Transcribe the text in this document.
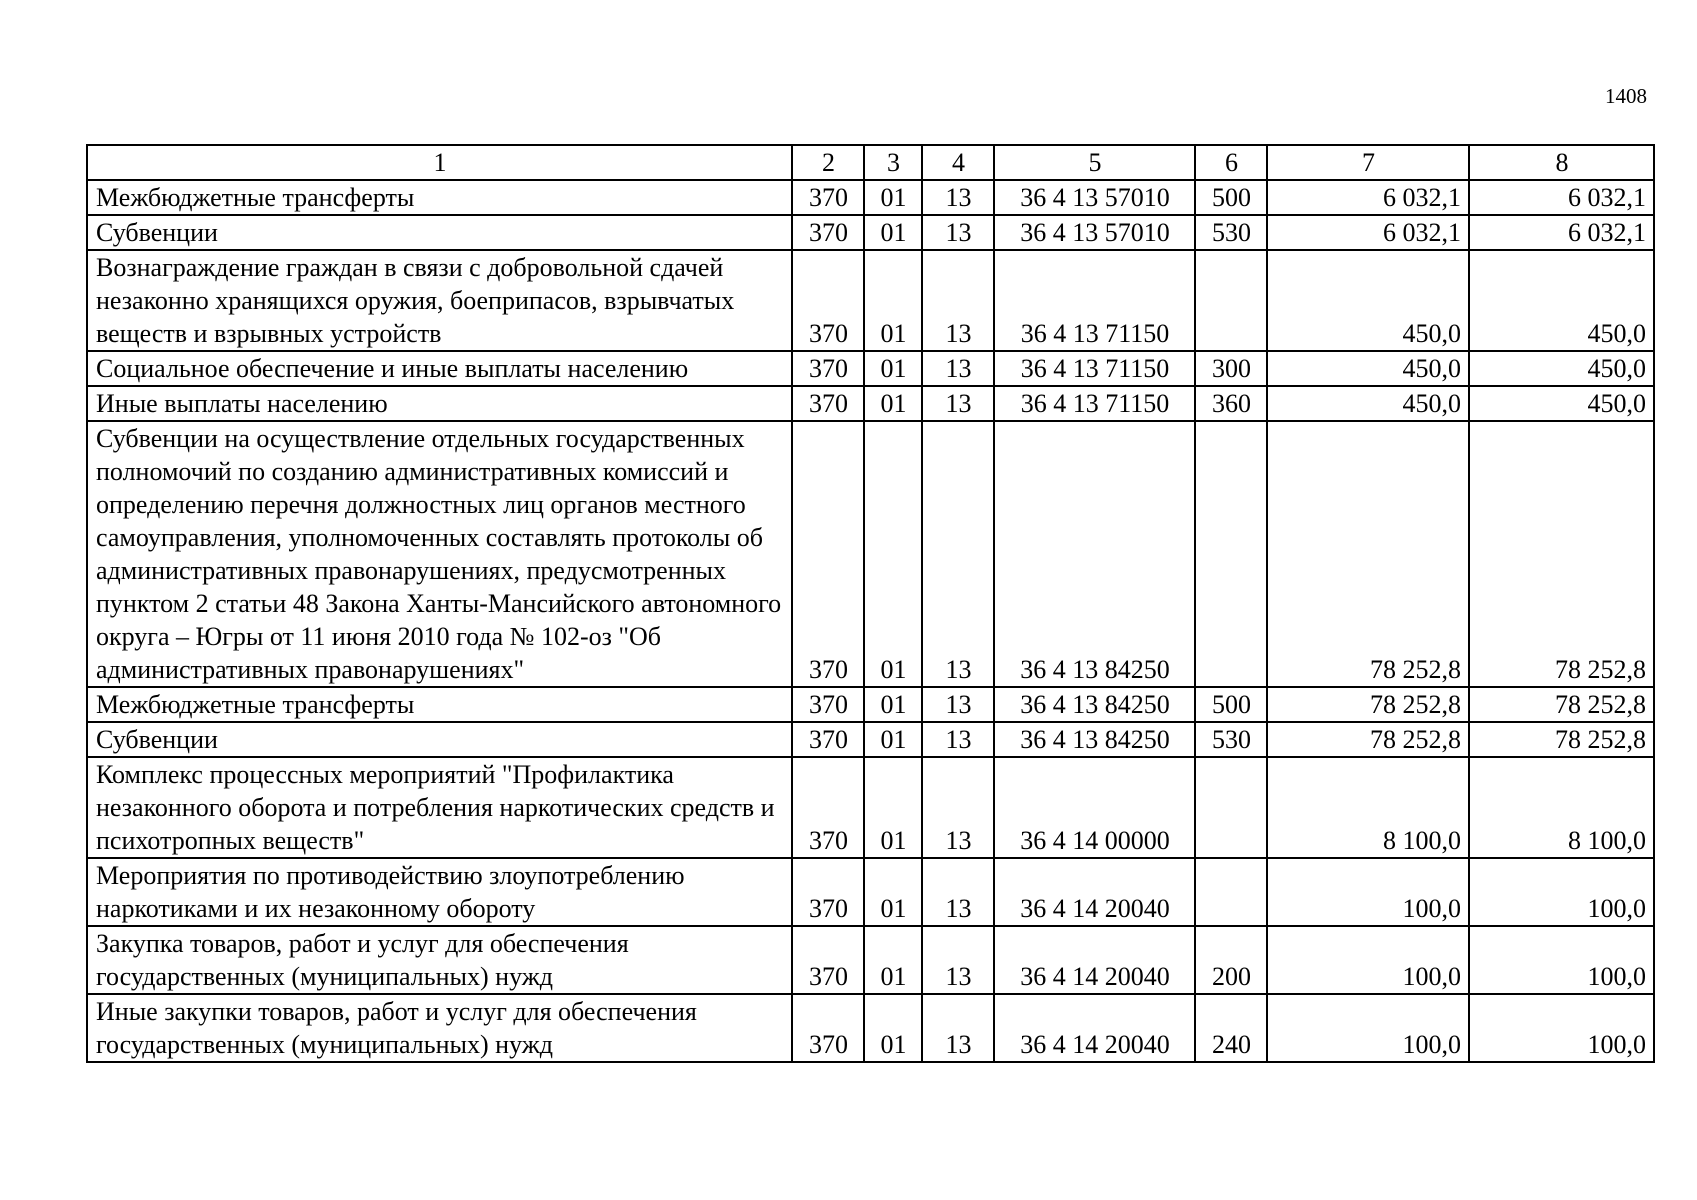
1408
1	2	3	4	5	6	7	8
Межбюджетные трансферты	370	01	13	36 4 13 57010	500	6 032,1	6 032,1
Субвенции	370	01	13	36 4 13 57010	530	6 032,1	6 032,1
Вознаграждение граждан в связи с добровольной сдачей незаконно хранящихся оружия, боеприпасов, взрывчатых веществ и взрывных устройств	370	01	13	36 4 13 71150		450,0	450,0
Социальное обеспечение и иные выплаты населению	370	01	13	36 4 13 71150	300	450,0	450,0
Иные выплаты населению	370	01	13	36 4 13 71150	360	450,0	450,0
Субвенции на осуществление отдельных государственных полномочий по созданию административных комиссий и определению перечня должностных лиц органов местного самоуправления, уполномоченных составлять протоколы об административных правонарушениях, предусмотренных пунктом 2 статьи 48 Закона Ханты-Мансийского автономного округа – Югры от 11 июня 2010 года № 102-оз "Об административных правонарушениях"	370	01	13	36 4 13 84250		78 252,8	78 252,8
Межбюджетные трансферты	370	01	13	36 4 13 84250	500	78 252,8	78 252,8
Субвенции	370	01	13	36 4 13 84250	530	78 252,8	78 252,8
Комплекс процессных мероприятий "Профилактика незаконного оборота и потребления наркотических средств и психотропных веществ"	370	01	13	36 4 14 00000		8 100,0	8 100,0
Мероприятия по противодействию злоупотреблению наркотиками и их незаконному обороту	370	01	13	36 4 14 20040		100,0	100,0
Закупка товаров, работ и услуг для обеспечения государственных (муниципальных) нужд	370	01	13	36 4 14 20040	200	100,0	100,0
Иные закупки товаров, работ и услуг для обеспечения государственных (муниципальных) нужд	370	01	13	36 4 14 20040	240	100,0	100,0
